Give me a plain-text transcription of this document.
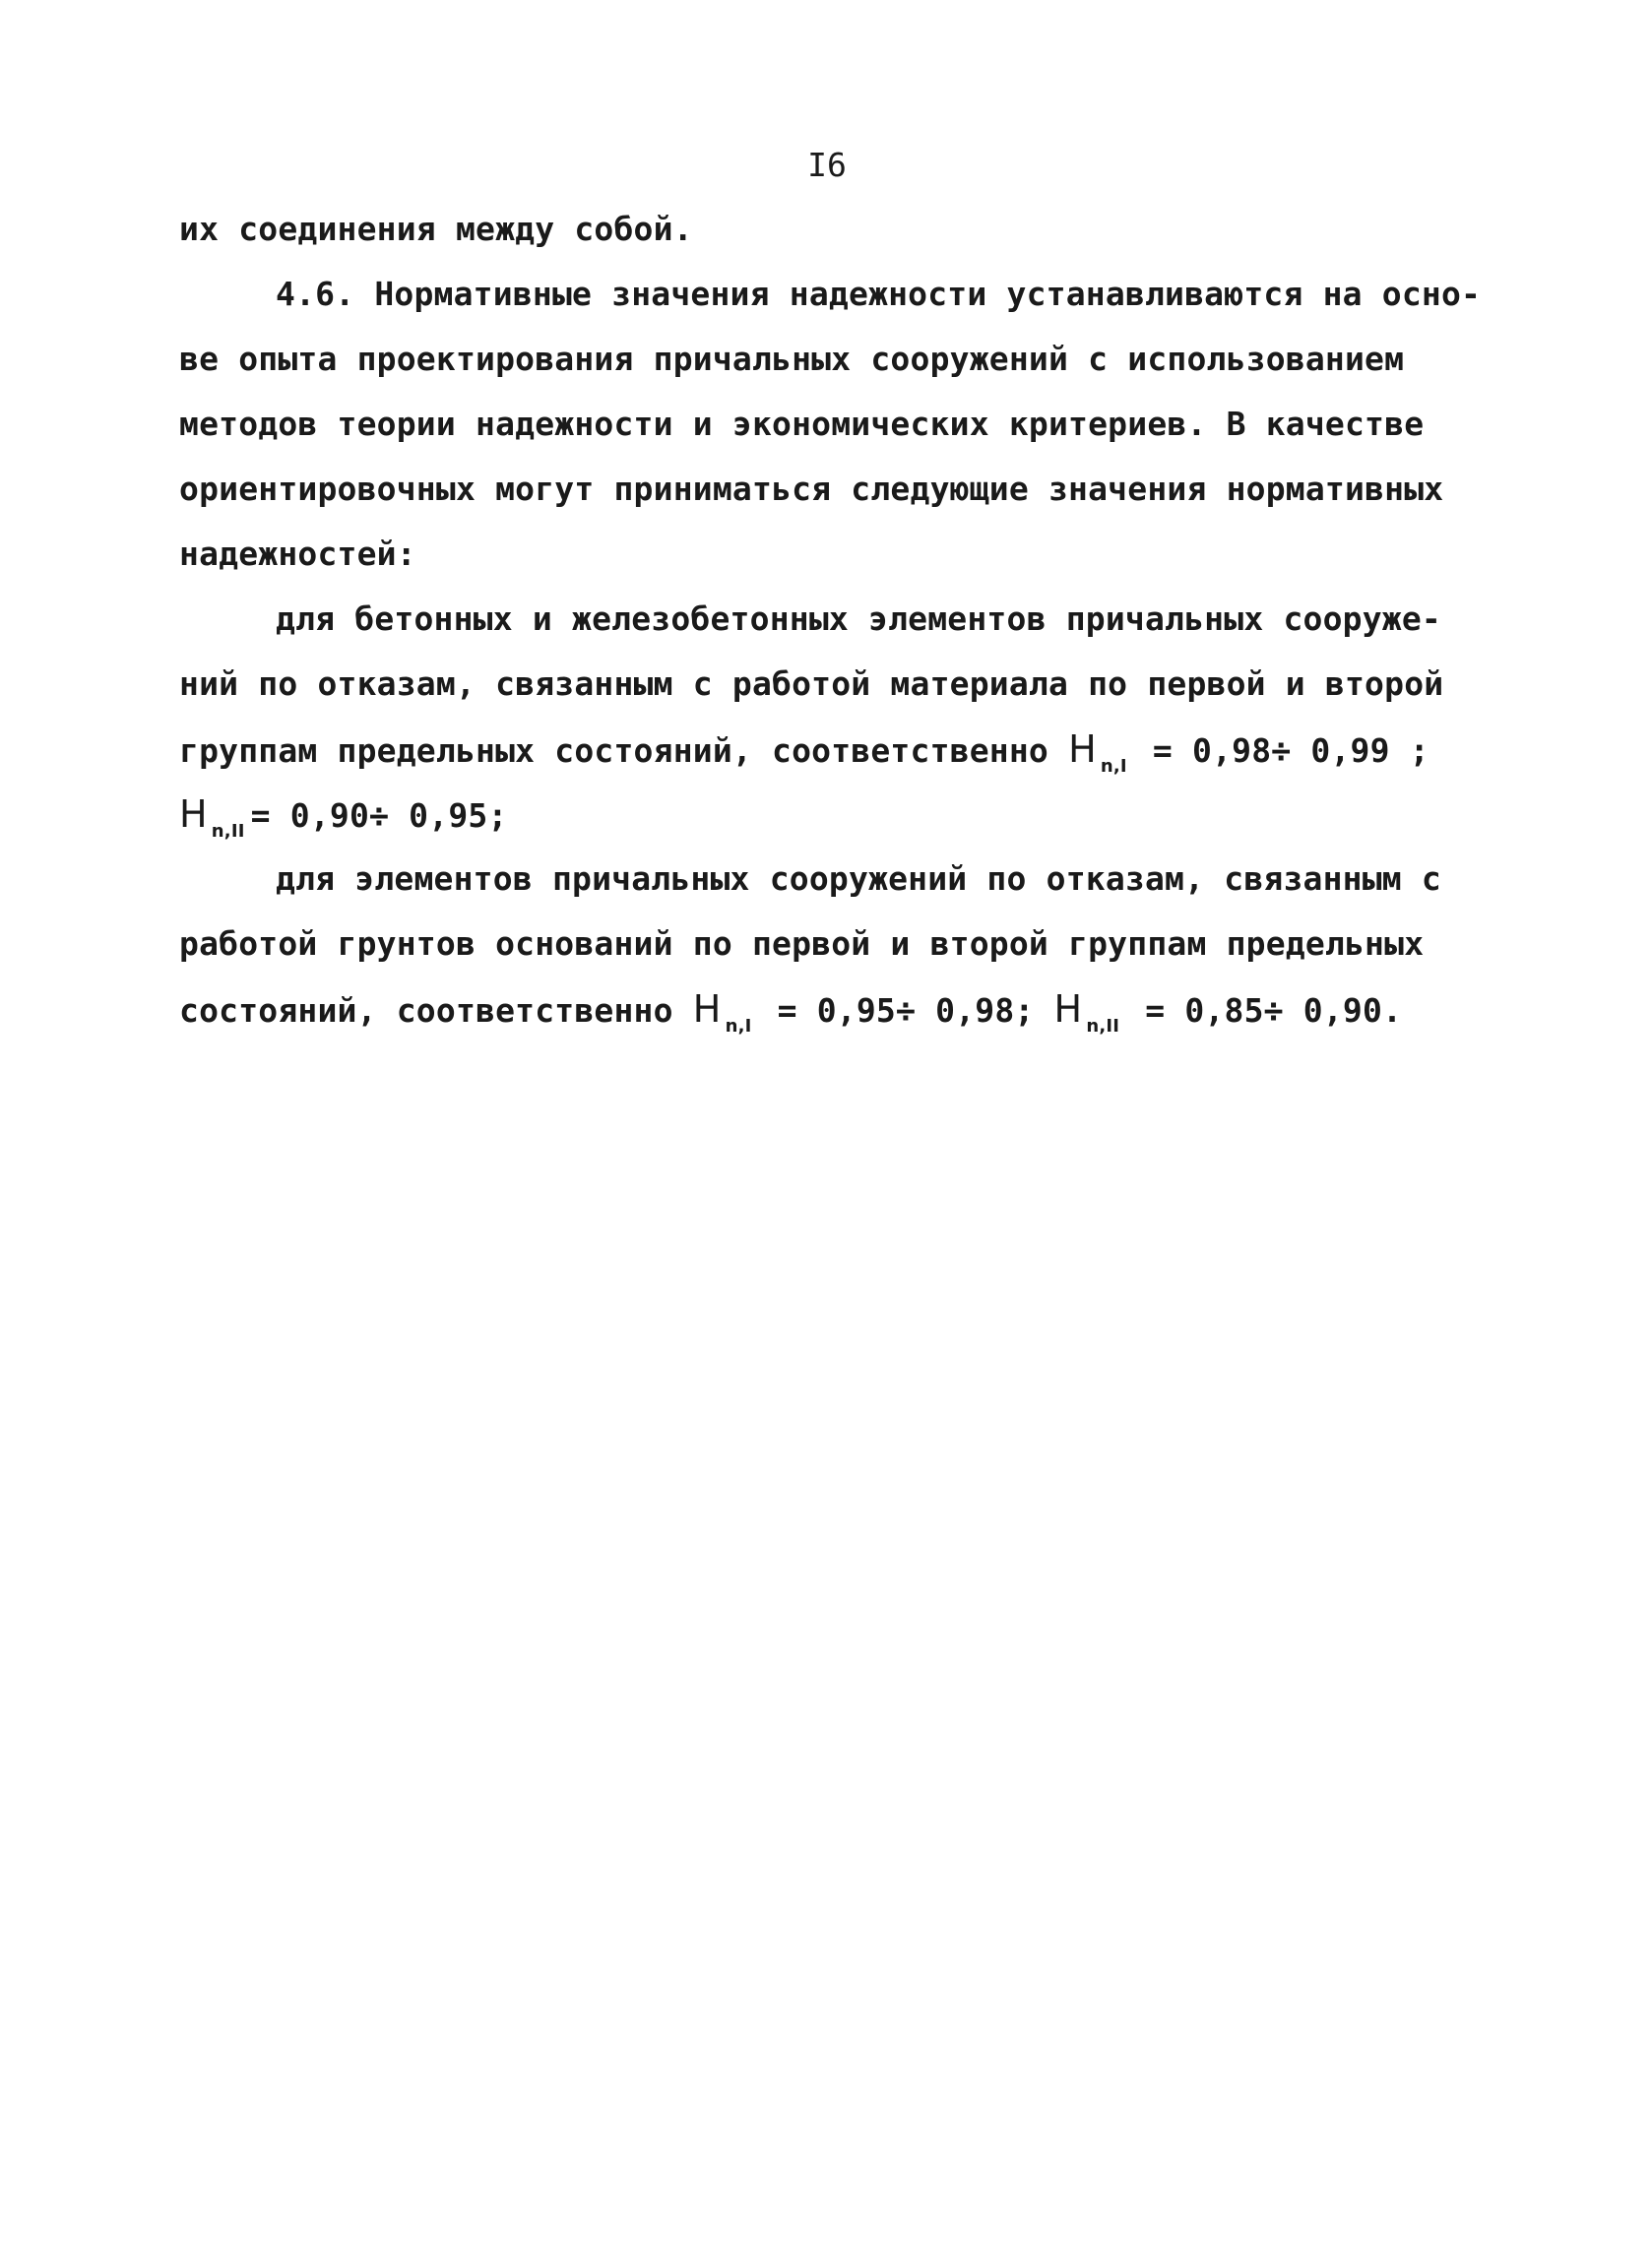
I6
их соединения между собой.
4.6. Нормативные значения надежности устанавливаются на осно-
ве опыта проектирования причальных сооружений с использованием
методов теории надежности и экономических критериев. В качестве
ориентировочных могут приниматься следующие значения нормативных
надежностей:
для бетонных и железобетонных элементов причальных сооруже-
ний по отказам, связанным с работой материала по первой и второй
группам предельных состояний, соответственно H $_{n,I}$ = 0,98÷ 0,99 ;
H $_{n,II}$ = 0,90÷ 0,95;
для элементов причальных сооружений по отказам, связанным с
работой грунтов оснований по первой и второй группам предельных
состояний, соответственно H $_{n,I}$ = 0,95÷ 0,98; H $_{n,II}$ = 0,85÷ 0,90.
